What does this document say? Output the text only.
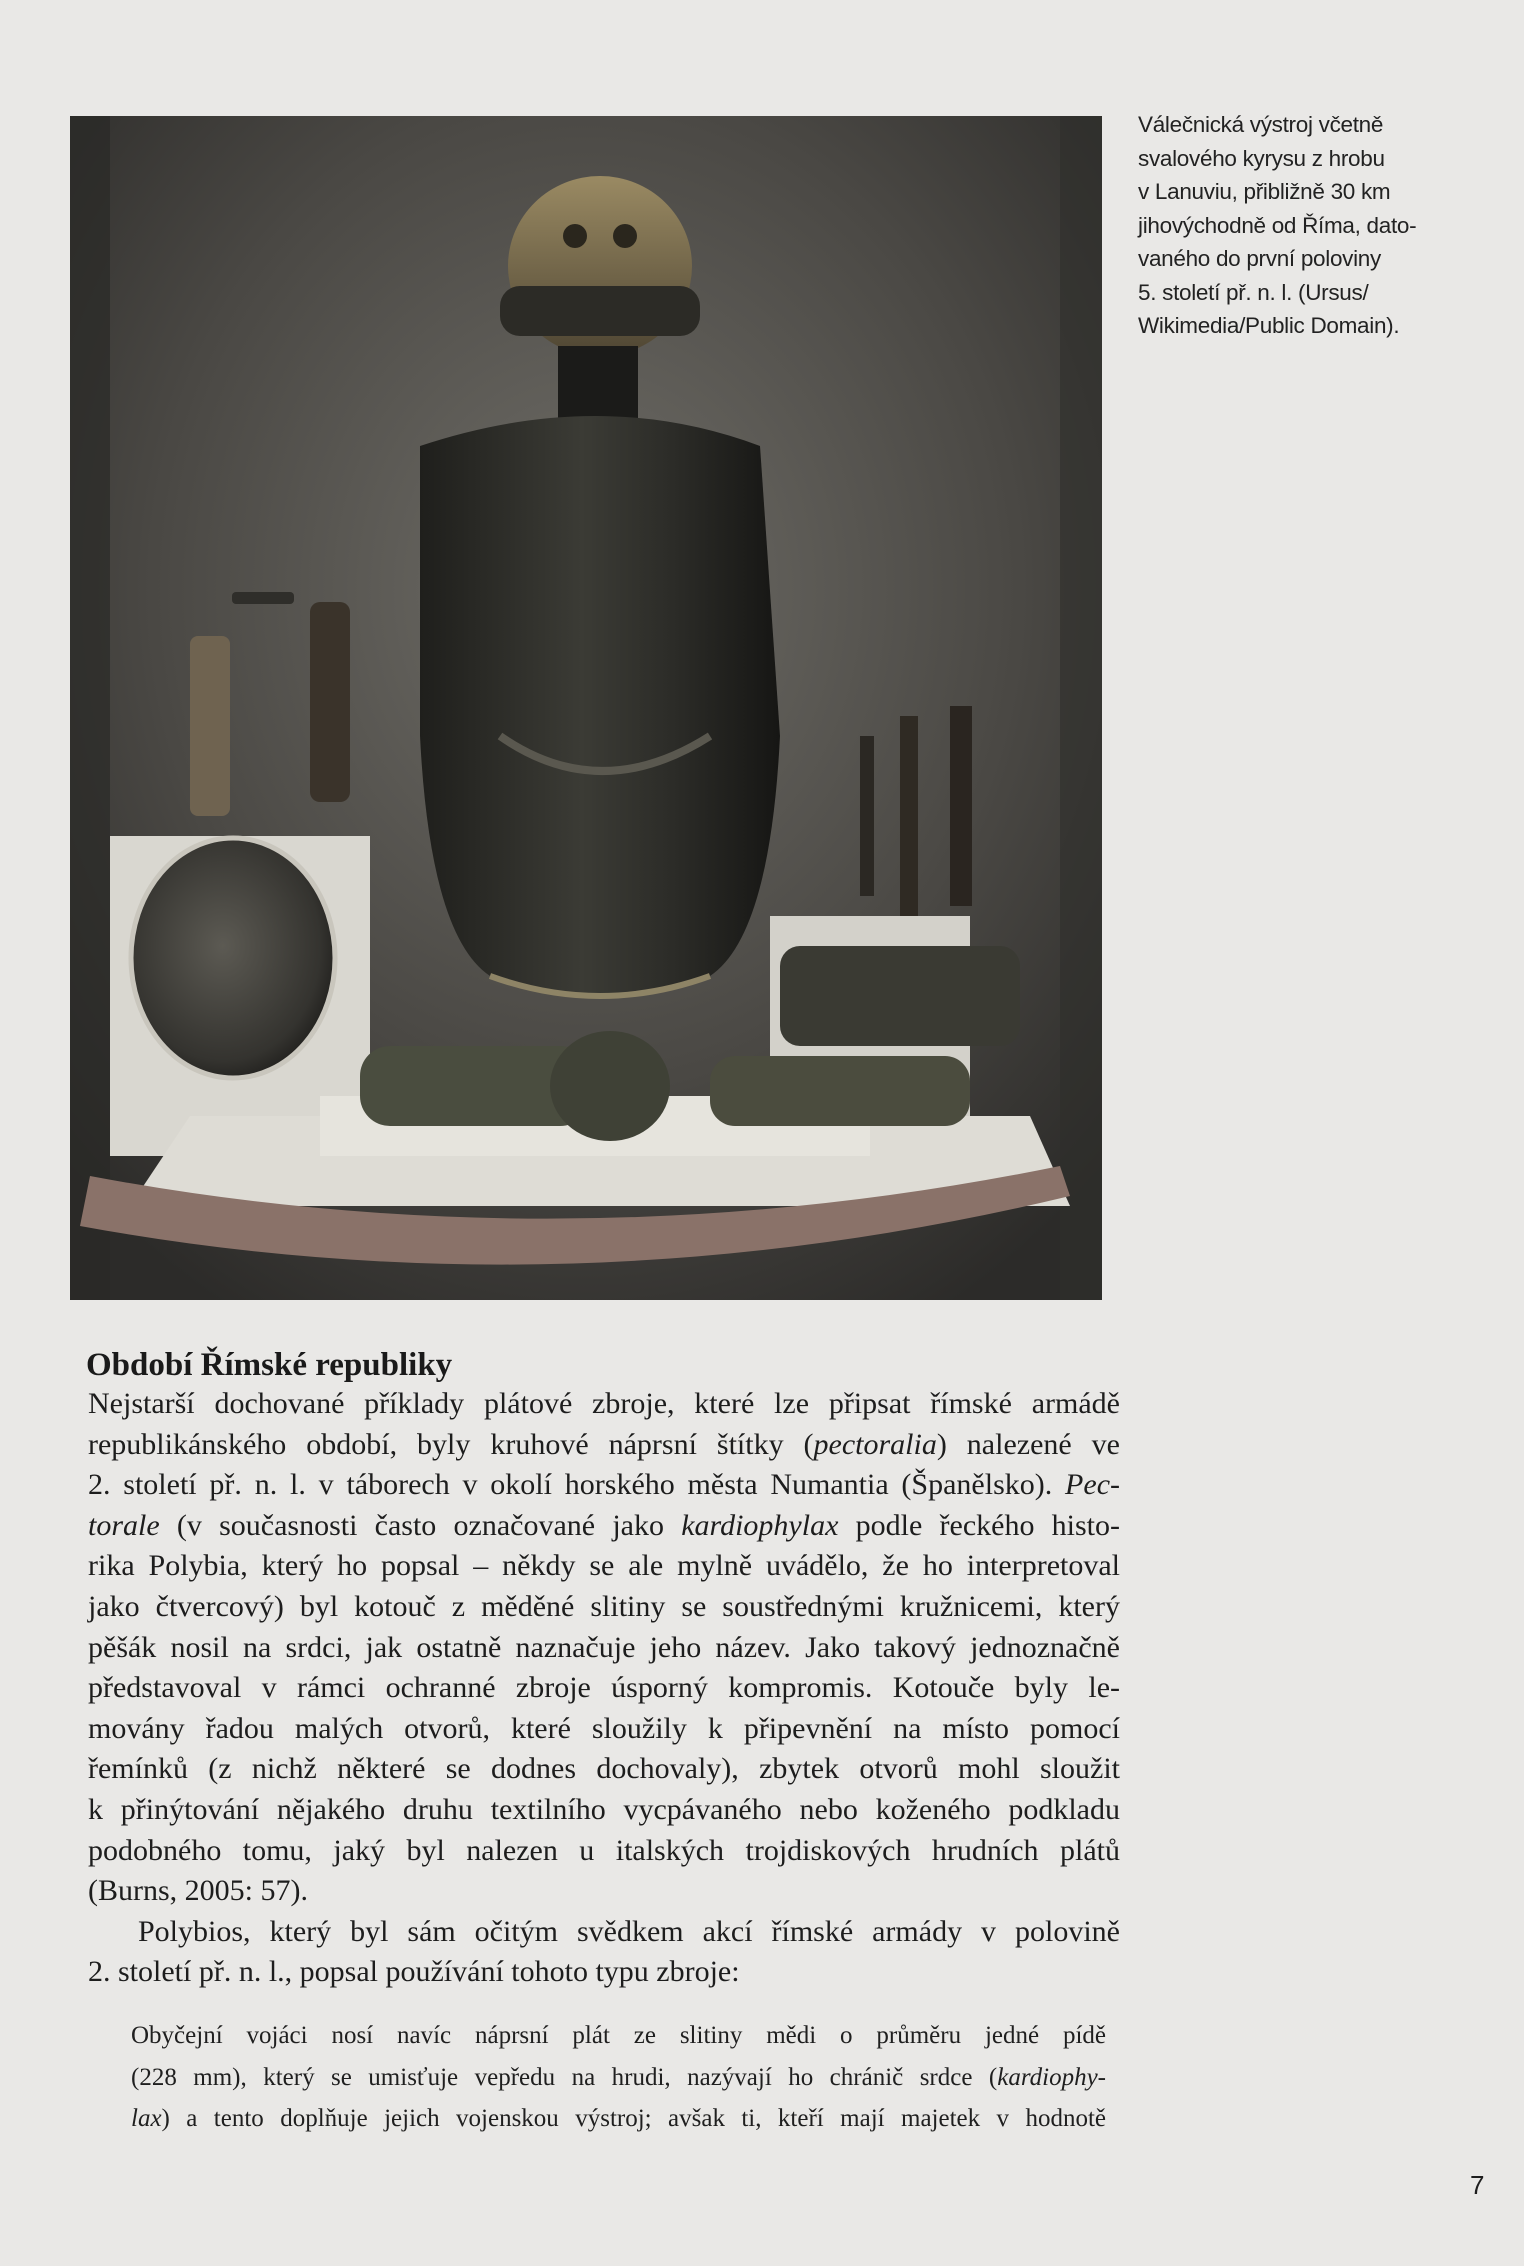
Válečnická výstroj včetně
svalového kyrysu z hrobu
v Lanuviu, přibližně 30 km
jihovýchodně od Říma, dato-
vaného do první poloviny
5. století př. n. l. (Ursus/
Wikimedia/Public Domain).
Období Římské republiky
Nejstarší dochované příklady plátové zbroje, které lze připsat římské armádě
republikánského období, byly kruhové náprsní štítky (pectoralia) nalezené ve
2. století př. n. l. v táborech v okolí horského města Numantia (Španělsko). Pec-
torale (v současnosti často označované jako kardiophylax podle řeckého histo-
rika Polybia, který ho popsal – někdy se ale mylně uvádělo, že ho interpretoval
jako čtvercový) byl kotouč z měděné slitiny se soustřednými kružnicemi, který
pěšák nosil na srdci, jak ostatně naznačuje jeho název. Jako takový jednoznačně
představoval v rámci ochranné zbroje úsporný kompromis. Kotouče byly le-
movány řadou malých otvorů, které sloužily k připevnění na místo pomocí
řemínků (z nichž některé se dodnes dochovaly), zbytek otvorů mohl sloužit
k přinýtování nějakého druhu textilního vycpávaného nebo koženého podkladu
podobného tomu, jaký byl nalezen u italských trojdiskových hrudních plátů
(Burns, 2005: 57).
Polybios, který byl sám očitým svědkem akcí římské armády v polovině
2. století př. n. l., popsal používání tohoto typu zbroje:
Obyčejní vojáci nosí navíc náprsní plát ze slitiny mědi o průměru jedné pídě
(228 mm), který se umisťuje vepředu na hrudi, nazývají ho chránič srdce (kardiophy-
lax) a tento doplňuje jejich vojenskou výstroj; avšak ti, kteří mají majetek v hodnotě
7
